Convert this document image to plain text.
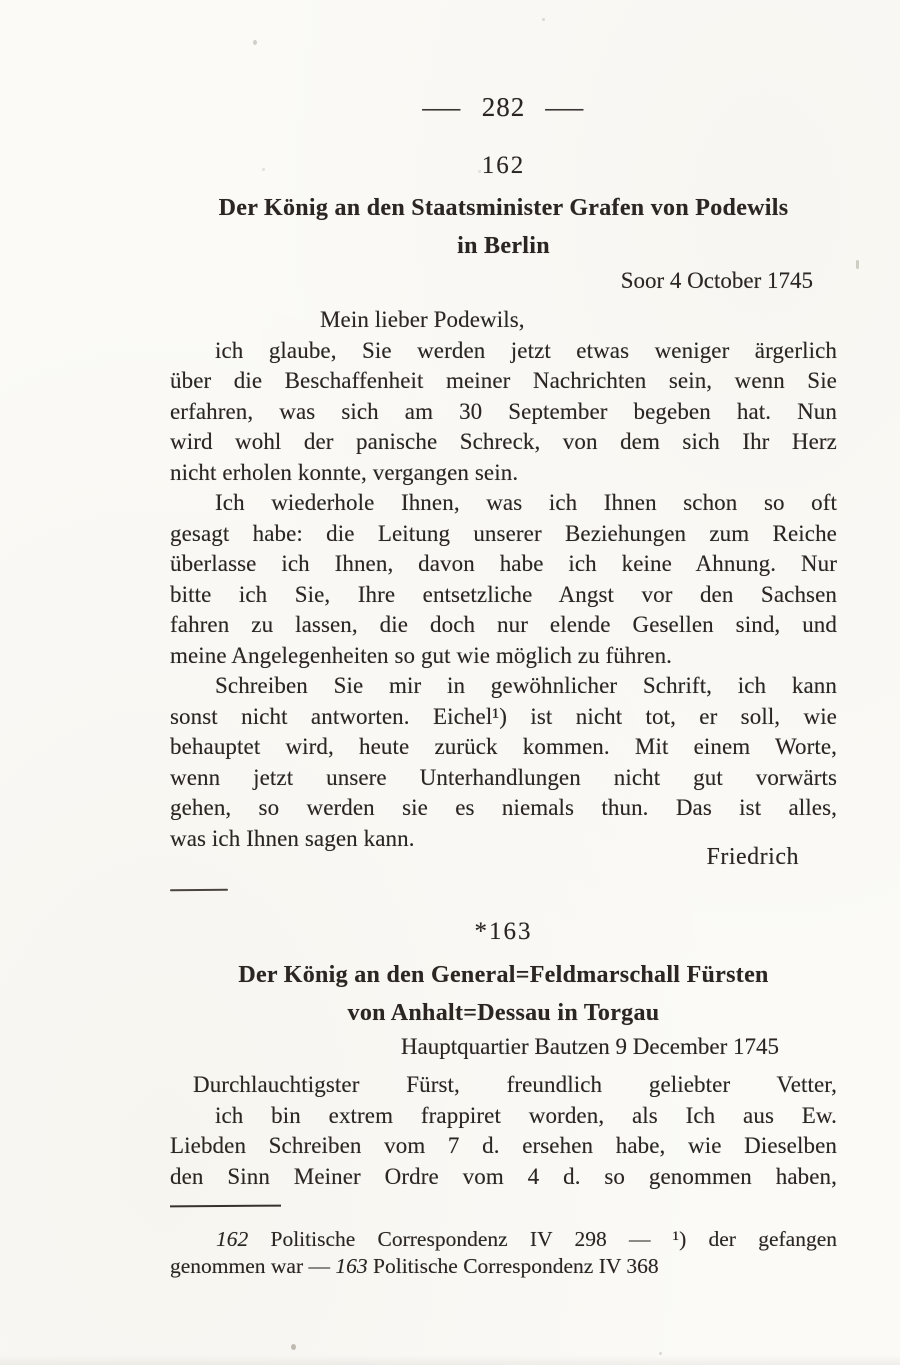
— 282 —
162
Der König an den Staatsminister Grafen von Podewils
in Berlin
Soor 4 October 1745
Mein lieber Podewils,
ich glaube, Sie werden jetzt etwas weniger ärgerlich
über die Beschaffenheit meiner Nachrichten sein, wenn Sie
erfahren, was sich am 30 September begeben hat. Nun
wird wohl der panische Schreck, von dem sich Ihr Herz
nicht erholen konnte, vergangen sein.
Ich wiederhole Ihnen, was ich Ihnen schon so oft
gesagt habe: die Leitung unserer Beziehungen zum Reiche
überlasse ich Ihnen, davon habe ich keine Ahnung. Nur
bitte ich Sie, Ihre entsetzliche Angst vor den Sachsen
fahren zu lassen, die doch nur elende Gesellen sind, und
meine Angelegenheiten so gut wie möglich zu führen.
Schreiben Sie mir in gewöhnlicher Schrift, ich kann
sonst nicht antworten. Eichel¹) ist nicht tot, er soll, wie
behauptet wird, heute zurück kommen. Mit einem Worte,
wenn jetzt unsere Unterhandlungen nicht gut vorwärts
gehen, so werden sie es niemals thun. Das ist alles,
was ich Ihnen sagen kann.
Friedrich
*163
Der König an den General=Feldmarschall Fürsten
von Anhalt=Dessau in Torgau
Hauptquartier Bautzen 9 December 1745
Durchlauchtigster Fürst, freundlich geliebter Vetter,
ich bin extrem frappiret worden, als Ich aus Ew.
Liebden Schreiben vom 7 d. ersehen habe, wie Dieselben
den Sinn Meiner Ordre vom 4 d. so genommen haben,
162 Politische Correspondenz IV 298 — ¹) der gefangen
genommen war — 163 Politische Correspondenz IV 368
